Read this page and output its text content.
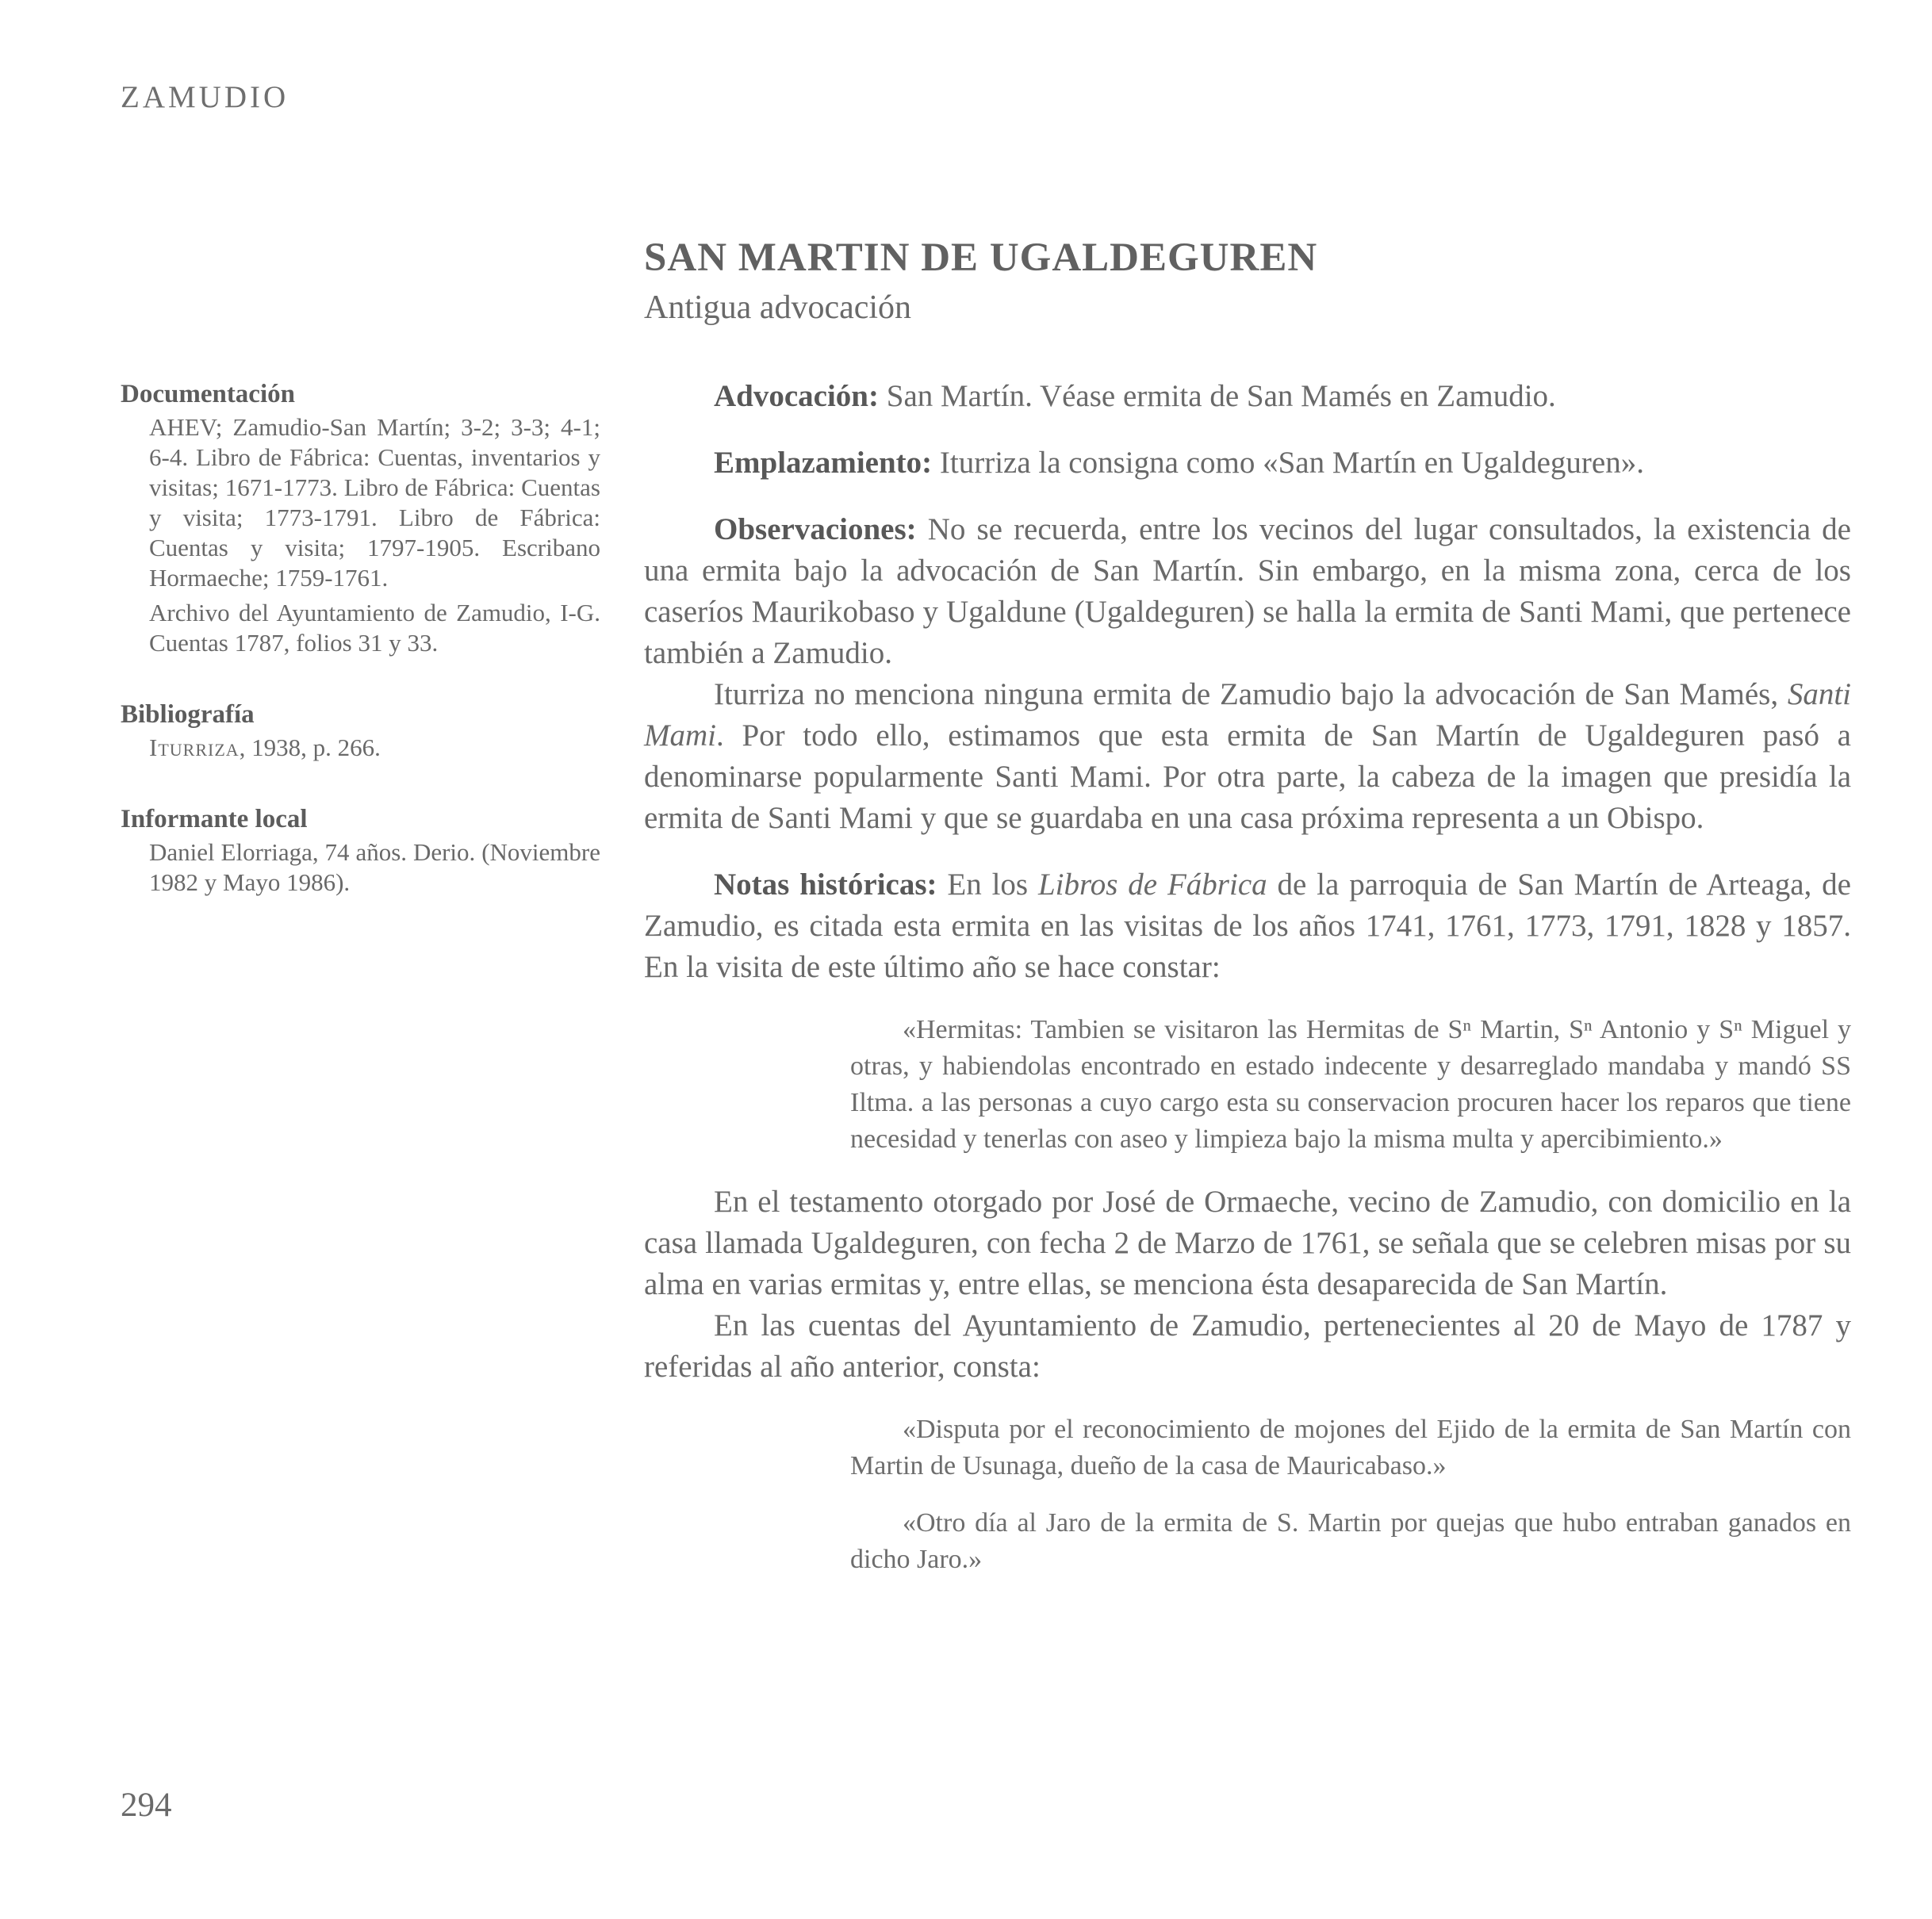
ZAMUDIO
Documentación

AHEV; Zamudio-San Martín; 3-2; 3-3; 4-1; 6-4. Libro de Fábrica: Cuentas, inventarios y visitas; 1671-1773. Libro de Fábrica: Cuentas y visita; 1773-1791. Libro de Fábrica: Cuentas y visita; 1797-1905. Escribano Hormaeche; 1759-1761.

Archivo del Ayuntamiento de Zamudio, I-G. Cuentas 1787, folios 31 y 33.

Bibliografía

Iturriza, 1938, p. 266.

Informante local

Daniel Elorriaga, 74 años. Derio. (Noviembre 1982 y Mayo 1986).

SAN MARTIN DE UGALDEGUREN

Antigua advocación

Advocación: San Martín. Véase ermita de San Mamés en Zamudio.

Emplazamiento: Iturriza la consigna como «San Martín en Ugaldeguren».

Observaciones: No se recuerda, entre los vecinos del lugar consultados, la existencia de una ermita bajo la advocación de San Martín. Sin embargo, en la misma zona, cerca de los caseríos Maurikobaso y Ugaldune (Ugaldeguren) se halla la ermita de Santi Mami, que pertenece también a Zamudio.

Iturriza no menciona ninguna ermita de Zamudio bajo la advocación de San Mamés, Santi Mami. Por todo ello, estimamos que esta ermita de San Martín de Ugaldeguren pasó a denominarse popularmente Santi Mami. Por otra parte, la cabeza de la imagen que presidía la ermita de Santi Mami y que se guardaba en una casa próxima representa a un Obispo.

Notas históricas: En los Libros de Fábrica de la parroquia de San Martín de Arteaga, de Zamudio, es citada esta ermita en las visitas de los años 1741, 1761, 1773, 1791, 1828 y 1857. En la visita de este último año se hace constar:

«Hermitas: Tambien se visitaron las Hermitas de Sⁿ Martin, Sⁿ Antonio y Sⁿ Miguel y otras, y habiendolas encontrado en estado indecente y desarreglado mandaba y mandó SS Iltma. a las personas a cuyo cargo esta su conservacion procuren hacer los reparos que tiene necesidad y tenerlas con aseo y limpieza bajo la misma multa y apercibimiento.»

En el testamento otorgado por José de Ormaeche, vecino de Zamudio, con domicilio en la casa llamada Ugaldeguren, con fecha 2 de Marzo de 1761, se señala que se celebren misas por su alma en varias ermitas y, entre ellas, se menciona ésta desaparecida de San Martín.

En las cuentas del Ayuntamiento de Zamudio, pertenecientes al 20 de Mayo de 1787 y referidas al año anterior, consta:

«Disputa por el reconocimiento de mojones del Ejido de la ermita de San Martín con Martin de Usunaga, dueño de la casa de Mauricabaso.»

«Otro día al Jaro de la ermita de S. Martin por quejas que hubo entraban ganados en dicho Jaro.»

294
